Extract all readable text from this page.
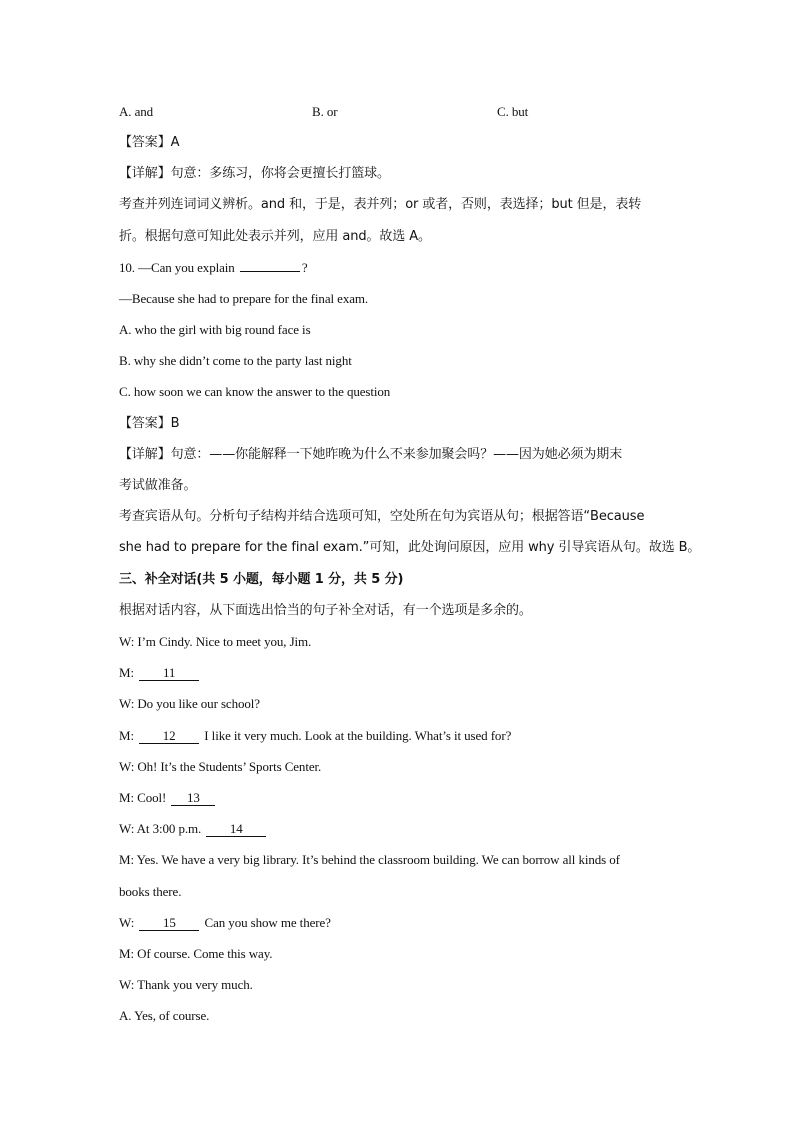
A. and	B. or	C. but
【答案】A
【详解】句意：多练习，你将会更擅长打篮球。
考查并列连词词义辨析。and 和，于是，表并列；or 或者，否则，表选择；but 但是，表转
折。根据句意可知此处表示并列，应用 and。故选 A。
10. —Can you explain	?
—Because she had to prepare for the final exam.
A. who the girl with big round face is
B. why she didn’t come to the party last night
C. how soon we can know the answer to the question
【答案】B
【详解】句意：——你能解释一下她昨晚为什么不来参加聚会吗？——因为她必须为期末
考试做准备。
考查宾语从句。分析句子结构并结合选项可知，空处所在句为宾语从句；根据答语“Because
she had to prepare for the final exam.”可知，此处询问原因，应用 why 引导宾语从句。故选 B。
三、补全对话(共 5 小题，每小题 1 分，共 5 分)
根据对话内容，从下面选出恰当的句子补全对话，有一个选项是多余的。
W: I’m Cindy. Nice to meet you, Jim.
M: 11
W: Do you like our school?
M: 12 I like it very much. Look at the building. What’s it used for?
W: Oh! It’s the Students’ Sports Center.
M: Cool! 13
W: At 3:00 p.m. 14
M: Yes. We have a very big library. It’s behind the classroom building. We can borrow all kinds of
books there.
W: 15 Can you show me there?
M: Of course. Come this way.
W: Thank you very much.
A. Yes, of course.
